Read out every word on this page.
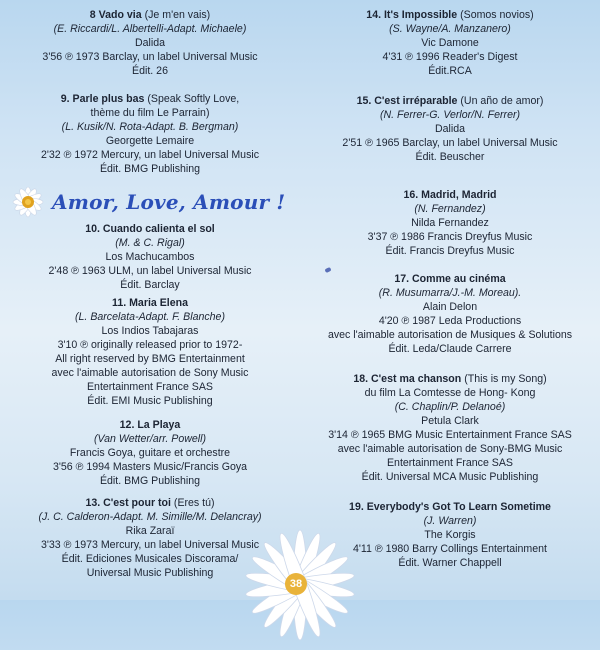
8 Vado via (Je m'en vais)
(E. Riccardi/L. Albertelli-Adapt. Michaele)
Dalida
3'56 ℗ 1973 Barclay, un label Universal Music
Édit. 26
9. Parle plus bas (Speak Softly Love,
thème du film Le Parrain)
(L. Kusik/N. Rota-Adapt. B. Bergman)
Georgette Lemaire
2'32 ℗ 1972 Mercury, un label Universal Music
Édit. BMG Publishing
10. Cuando calienta el sol
(M. & C. Rigal)
Los Machucambos
2'48 ℗ 1963 ULM, un label Universal Music
Édit. Barclay
11. Maria Elena
(L. Barcelata-Adapt. F. Blanche)
Los Indios Tabajaras
3'10 ℗ originally released prior to 1972-
All right reserved by BMG Entertainment
avec l'aimable autorisation de Sony Music
Entertainment France SAS
Édit. EMI Music Publishing
12. La Playa
(Van Wetter/arr. Powell)
Francis Goya, guitare et orchestre
3'56 ℗ 1994 Masters Music/Francis Goya
Édit. BMG Publishing
13. C'est pour toi (Eres tú)
(J. C. Calderon-Adapt. M. Simille/M. Delancray)
Rika Zaraï
3'33 ℗ 1973 Mercury, un label Universal Music
Édit. Ediciones Musicales Discorama/
Universal Music Publishing
14. It's Impossible (Somos novios)
(S. Wayne/A. Manzanero)
Vic Damone
4'31 ℗ 1996 Reader's Digest
Édit.RCA
15. C'est irréparable (Un año de amor)
(N. Ferrer-G. Verlor/N. Ferrer)
Dalida
2'51 ℗ 1965 Barclay, un label Universal Music
Édit. Beuscher
16. Madrid, Madrid
(N. Fernandez)
Nilda Fernandez
3'37 ℗ 1986 Francis Dreyfus Music
Édit. Francis Dreyfus Music
17. Comme au cinéma
(R. Musumarra/J.-M. Moreau).
Alain Delon
4'20 ℗ 1987 Leda Productions
avec l'aimable autorisation de Musiques & Solutions
Édit. Leda/Claude Carrere
18. C'est ma chanson (This is my Song)
du film La Comtesse de Hong- Kong
(C. Chaplin/P. Delanoé)
Petula Clark
3'14 ℗ 1965 BMG Music Entertainment France SAS
avec l'aimable autorisation de Sony-BMG Music
Entertainment France SAS
Édit. Universal MCA Music Publishing
19. Everybody's Got To Learn Sometime
(J. Warren)
The Korgis
4'11 ℗ 1980 Barry Collings Entertainment
Édit. Warner Chappell
Amor, Love, Amour !
38
